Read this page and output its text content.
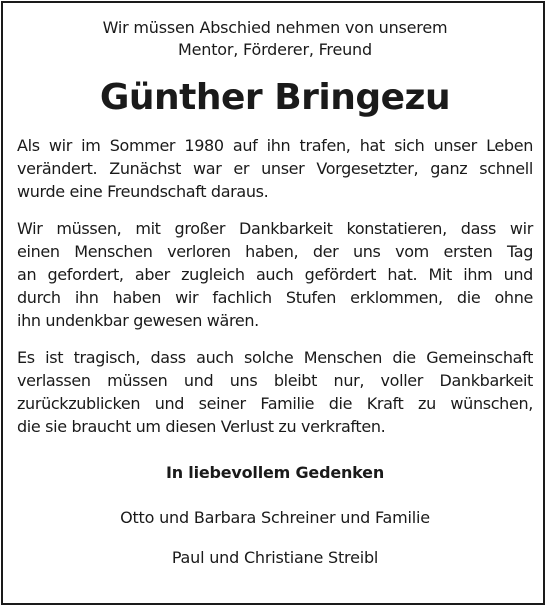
Wir müssen Abschied nehmen von unserem
Mentor, Förderer, Freund
Günther Bringezu
Als wir im Sommer 1980 auf ihn trafen, hat sich unser Leben
verändert. Zunächst war er unser Vorgesetzter, ganz schnell
wurde eine Freundschaft daraus.
Wir müssen, mit großer Dankbarkeit konstatieren, dass wir
einen Menschen verloren haben, der uns vom ersten Tag
an gefordert, aber zugleich auch gefördert hat. Mit ihm und
durch ihn haben wir fachlich Stufen erklommen, die ohne
ihn undenkbar gewesen wären.
Es ist tragisch, dass auch solche Menschen die Gemeinschaft
verlassen müssen und uns bleibt nur, voller Dankbarkeit
zurückzublicken und seiner Familie die Kraft zu wünschen,
die sie braucht um diesen Verlust zu verkraften.
In liebevollem Gedenken
Otto und Barbara Schreiner und Familie
Paul und Christiane Streibl
